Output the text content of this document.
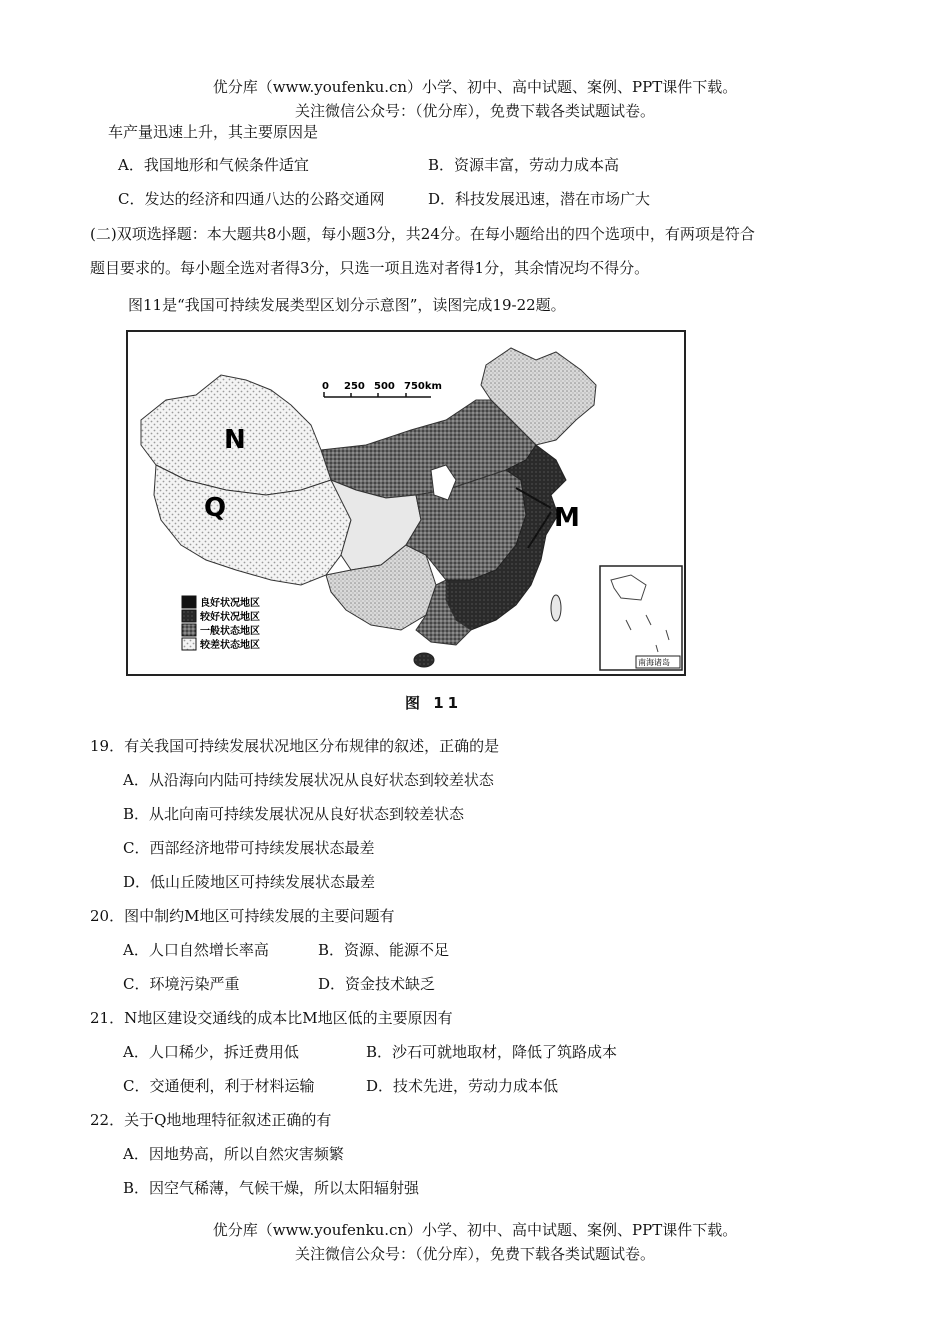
优分库（www.youfenku.cn）小学、初中、高中试题、案例、PPT课件下载。
关注微信公众号：（优分库），免费下载各类试题试卷。
车产量迅速上升，其主要原因是
A．我国地形和气候条件适宜	B．资源丰富，劳动力成本高
C．发达的经济和四通八达的公路交通网	D．科技发展迅速，潜在市场广大
(二)双项选择题：本大题共8小题，每小题3分，共24分。在每小题给出的四个选项中，有两项是符合
题目要求的。每小题全选对者得3分，只选一项且选对者得1分，其余情况均不得分。
图11是“我国可持续发展类型区划分示意图”，读图完成19-22题。
0 250 500 750km
N
Q	M
良好状况地区
较好状况地区
一般状态地区
较差状态地区
南海诸岛
图 11
19．有关我国可持续发展状况地区分布规律的叙述，正确的是
A．从沿海向内陆可持续发展状况从良好状态到较差状态
B．从北向南可持续发展状况从良好状态到较差状态
C．西部经济地带可持续发展状态最差
D．低山丘陵地区可持续发展状态最差
20．图中制约M地区可持续发展的主要问题有
A．人口自然增长率高	B．资源、能源不足
C．环境污染严重	D．资金技术缺乏
21．N地区建设交通线的成本比M地区低的主要原因有
A．人口稀少，拆迁费用低	B．沙石可就地取材，降低了筑路成本
C．交通便利，利于材料运输	D．技术先进，劳动力成本低
22．关于Q地地理特征叙述正确的有
A．因地势高，所以自然灾害频繁
B．因空气稀薄，气候干燥，所以太阳辐射强
优分库（www.youfenku.cn）小学、初中、高中试题、案例、PPT课件下载。
关注微信公众号：（优分库），免费下载各类试题试卷。
